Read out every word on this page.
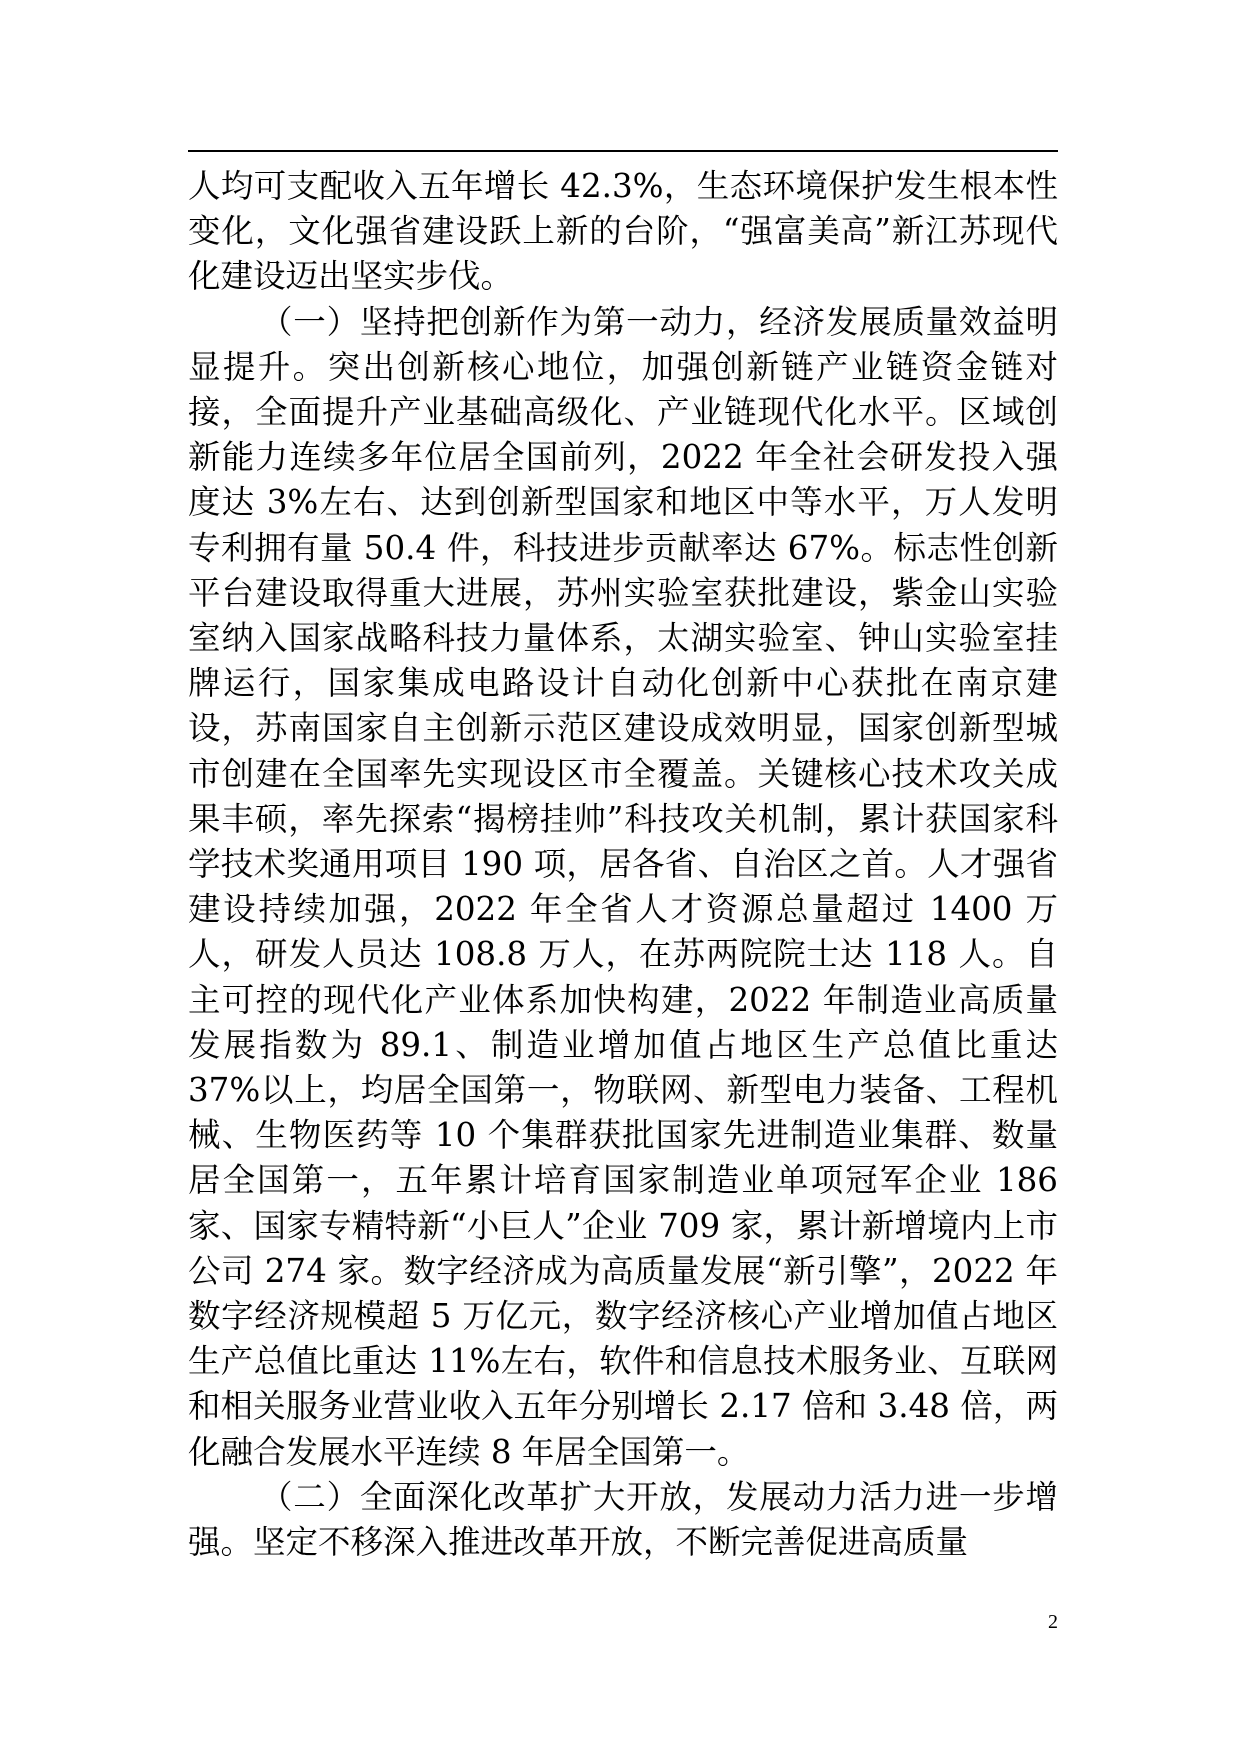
人均可支配收入五年增长 42.3%，生态环境保护发生根本性变化，文化强省建设跃上新的台阶，“强富美高”新江苏现代化建设迈出坚实步伐。

（一）坚持把创新作为第一动力，经济发展质量效益明显提升。突出创新核心地位，加强创新链产业链资金链对接，全面提升产业基础高级化、产业链现代化水平。区域创新能力连续多年位居全国前列，2022 年全社会研发投入强度达 3%左右、达到创新型国家和地区中等水平，万人发明专利拥有量 50.4 件，科技进步贡献率达 67%。标志性创新平台建设取得重大进展，苏州实验室获批建设，紫金山实验室纳入国家战略科技力量体系，太湖实验室、钟山实验室挂牌运行，国家集成电路设计自动化创新中心获批在南京建设，苏南国家自主创新示范区建设成效明显，国家创新型城市创建在全国率先实现设区市全覆盖。关键核心技术攻关成果丰硕，率先探索“揭榜挂帅”科技攻关机制，累计获国家科学技术奖通用项目 190 项，居各省、自治区之首。人才强省建设持续加强，2022 年全省人才资源总量超过 1400 万人，研发人员达 108.8 万人，在苏两院院士达 118 人。自主可控的现代化产业体系加快构建，2022 年制造业高质量发展指数为 89.1、制造业增加值占地区生产总值比重达 37%以上，均居全国第一，物联网、新型电力装备、工程机械、生物医药等 10 个集群获批国家先进制造业集群、数量居全国第一，五年累计培育国家制造业单项冠军企业 186 家、国家专精特新“小巨人”企业 709 家，累计新增境内上市公司 274 家。数字经济成为高质量发展“新引擎”，2022 年数字经济规模超 5 万亿元，数字经济核心产业增加值占地区生产总值比重达 11%左右，软件和信息技术服务业、互联网和相关服务业营业收入五年分别增长 2.17 倍和 3.48 倍，两化融合发展水平连续 8 年居全国第一。

（二）全面深化改革扩大开放，发展动力活力进一步增强。坚定不移深入推进改革开放，不断完善促进高质量

2
